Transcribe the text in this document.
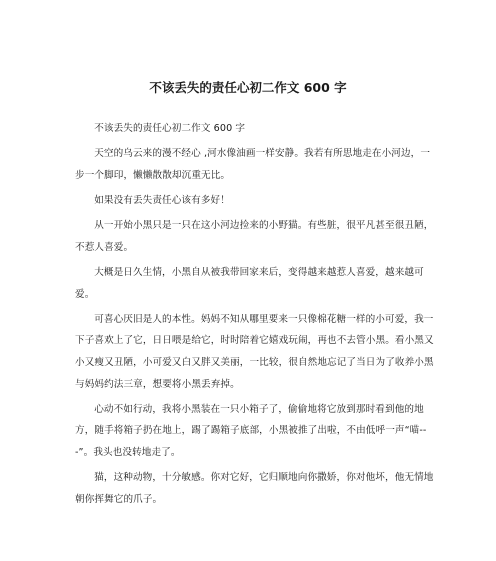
不该丢失的责任心初二作文 600 字

不该丢失的责任心初二作文 600 字

天空的乌云来的漫不经心 ,河水像油画一样安静。我若有所思地走在小河边，一步一个脚印，懒懒散散却沉重无比。

如果没有丢失责任心该有多好！

从一开始小黑只是一只在这小河边捡来的小野猫。有些脏，很平凡甚至很丑陋，不惹人喜爱。

大概是日久生情，小黑自从被我带回家来后，变得越来越惹人喜爱，越来越可爱。

可喜心厌旧是人的本性。妈妈不知从哪里要来一只像棉花糖一样的小可爱，我一下子喜欢上了它，日日喂是给它，时时陪着它嬉戏玩闹，再也不去管小黑。看小黑又小又瘦又丑陋，小可爱又白又胖又美丽，一比较，很自然地忘记了当日为了收养小黑与妈妈约法三章，想要将小黑丢弃掉。

心动不如行动，我将小黑装在一只小箱子了，偷偷地将它放到那时看到他的地方，随手将箱子扔在地上，踢了踢箱子底部，小黑被推了出啦，不由低呼一声“喵---”。我头也没转地走了。

猫，这种动物，十分敏感。你对它好，它归顺地向你撒娇，你对他坏，他无情地朝你挥舞它的爪子。
